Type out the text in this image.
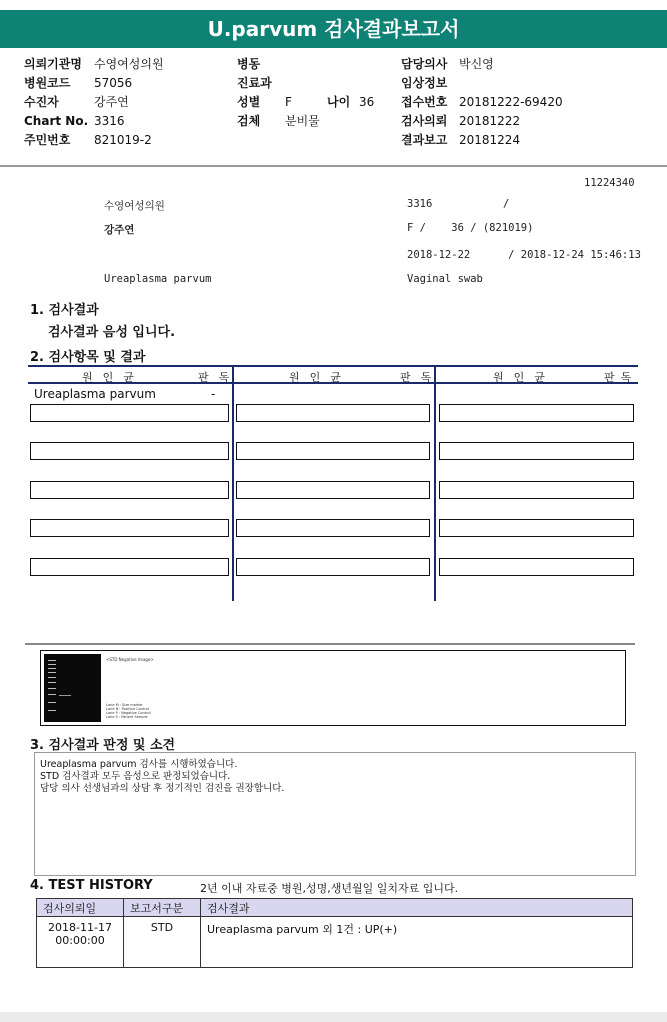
U.parvum 검사결과보고서
의뢰기관명 수영여성의원
병원코드 57056
수진자	강주연
Chart No. 3316
주민번호 821019-2
병동
진료과
성별 F	나이 36
검체 분비물
담당의사 박신영
임상정보
접수번호 20181222-69420
검사의뢰 20181222
결과보고 20181224
11224340
수영여성의원	3316	/
강주연	F /    36 / (821019)
2018-12-22      / 2018-12-24 15:46:13
Ureaplasma parvum	Vaginal swab
1. 검사결과
검사결과 음성 입니다.
2. 검사항목 및 결과
원인균	판독	원인균	판독	원인균	판독
Ureaplasma parvum	-
<STD Negative Image>
Lane M : Size marker
Lane N : Positive Control
Lane P : Negative Control
Lane S : Patient Sample
3. 검사결과 판정 및 소견
Ureaplasma parvum 검사를 시행하였습니다.
STD 검사결과 모두 음성으로 판정되었습니다.
담당 의사 선생님과의 상담 후 정기적인 검진을 권장합니다.
4. TEST HISTORY	2년 이내 자료중 병원,성명,생년월일 일치자료 입니다.
검사의뢰일	보고서구분	검사결과

2018-11-17
00:00:00	STD	Ureaplasma parvum 외 1건 : UP(+)
